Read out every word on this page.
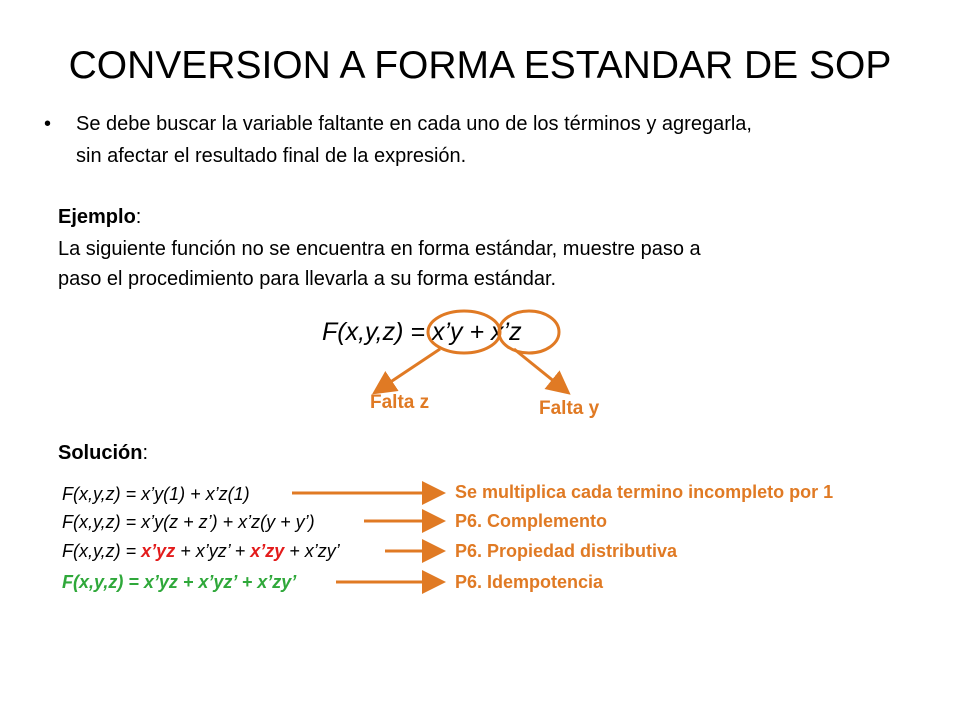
CONVERSION A FORMA ESTANDAR DE SOP
• Se debe buscar la variable faltante en cada uno de los términos y agregarla,
sin afectar el resultado final de la expresión.
Ejemplo:
La siguiente función no se encuentra en forma estándar, muestre paso a
paso el procedimiento para llevarla a su forma estándar.
F(x,y,z) = x’y + x’z
Falta z	Falta y
Solución:
F(x,y,z) = x’y(1) + x’z(1)	Se multiplica cada termino incompleto por 1
F(x,y,z) = x’y(z + z’) + x’z(y + y’)	P6. Complemento
F(x,y,z) = x’yz + x’yz’ + x’zy + x’zy’	P6. Propiedad distributiva
F(x,y,z) = x’yz + x’yz’ + x’zy’	P6. Idempotencia
